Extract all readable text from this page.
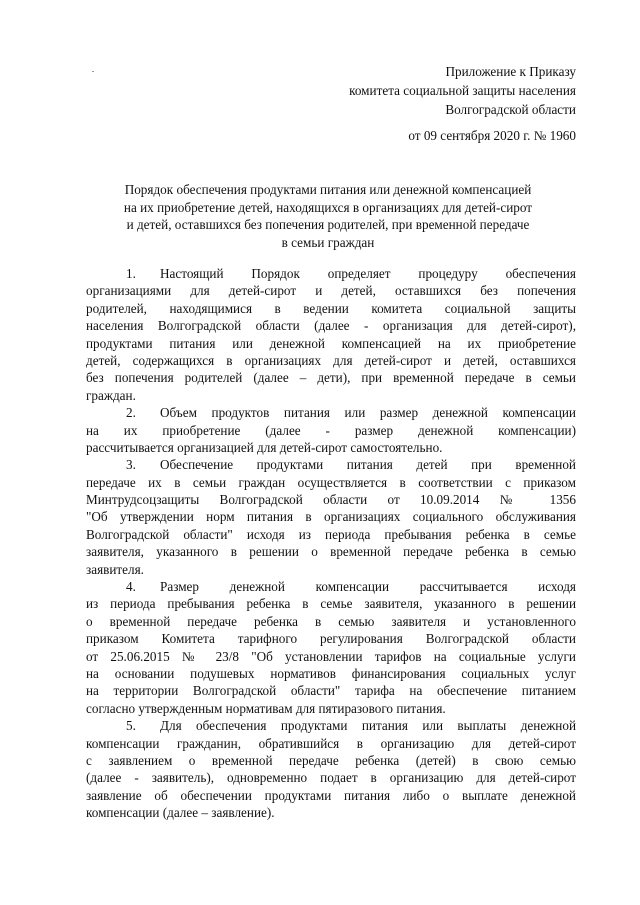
Приложение к Приказу
комитета социальной защиты населения
Волгоградской области
от 09 сентября 2020 г. № 1960
Порядок обеспечения продуктами питания или денежной компенсацией
на их приобретение детей, находящихся в организациях для детей-сирот
и детей, оставшихся без попечения родителей, при временной передаче
в семьи граждан
1. Настоящий Порядок определяет процедуру обеспечения
организациями для детей-сирот и детей, оставшихся без попечения
родителей, находящимися в ведении комитета социальной защиты
населения Волгоградской области (далее - организация для детей-сирот),
продуктами питания или денежной компенсацией на их приобретение
детей, содержащихся в организациях для детей-сирот и детей, оставшихся
без попечения родителей (далее – дети), при временной передаче в семьи
граждан.
2. Объем продуктов питания или размер денежной компенсации
на их приобретение (далее - размер денежной компенсации)
рассчитывается организацией для детей-сирот самостоятельно.
3. Обеспечение продуктами питания детей при временной
передаче их в семьи граждан осуществляется в соответствии с приказом
Минтрудсоцзащиты Волгоградской области от 10.09.2014 № 1356
"Об утверждении норм питания в организациях социального обслуживания
Волгоградской области" исходя из периода пребывания ребенка в семье
заявителя, указанного в решении о временной передаче ребенка в семью
заявителя.
4. Размер денежной компенсации рассчитывается исходя
из периода пребывания ребенка в семье заявителя, указанного в решении
о временной передаче ребенка в семью заявителя и установленного
приказом Комитета тарифного регулирования Волгоградской области
от 25.06.2015 № 23/8 "Об установлении тарифов на социальные услуги
на основании подушевых нормативов финансирования социальных услуг
на территории Волгоградской области" тарифа на обеспечение питанием
согласно утвержденным нормативам для пятиразового питания.
5. Для обеспечения продуктами питания или выплаты денежной
компенсации гражданин, обратившийся в организацию для детей-сирот
с заявлением о временной передаче ребенка (детей) в свою семью
(далее - заявитель), одновременно подает в организацию для детей-сирот
заявление об обеспечении продуктами питания либо о выплате денежной
компенсации (далее – заявление).
